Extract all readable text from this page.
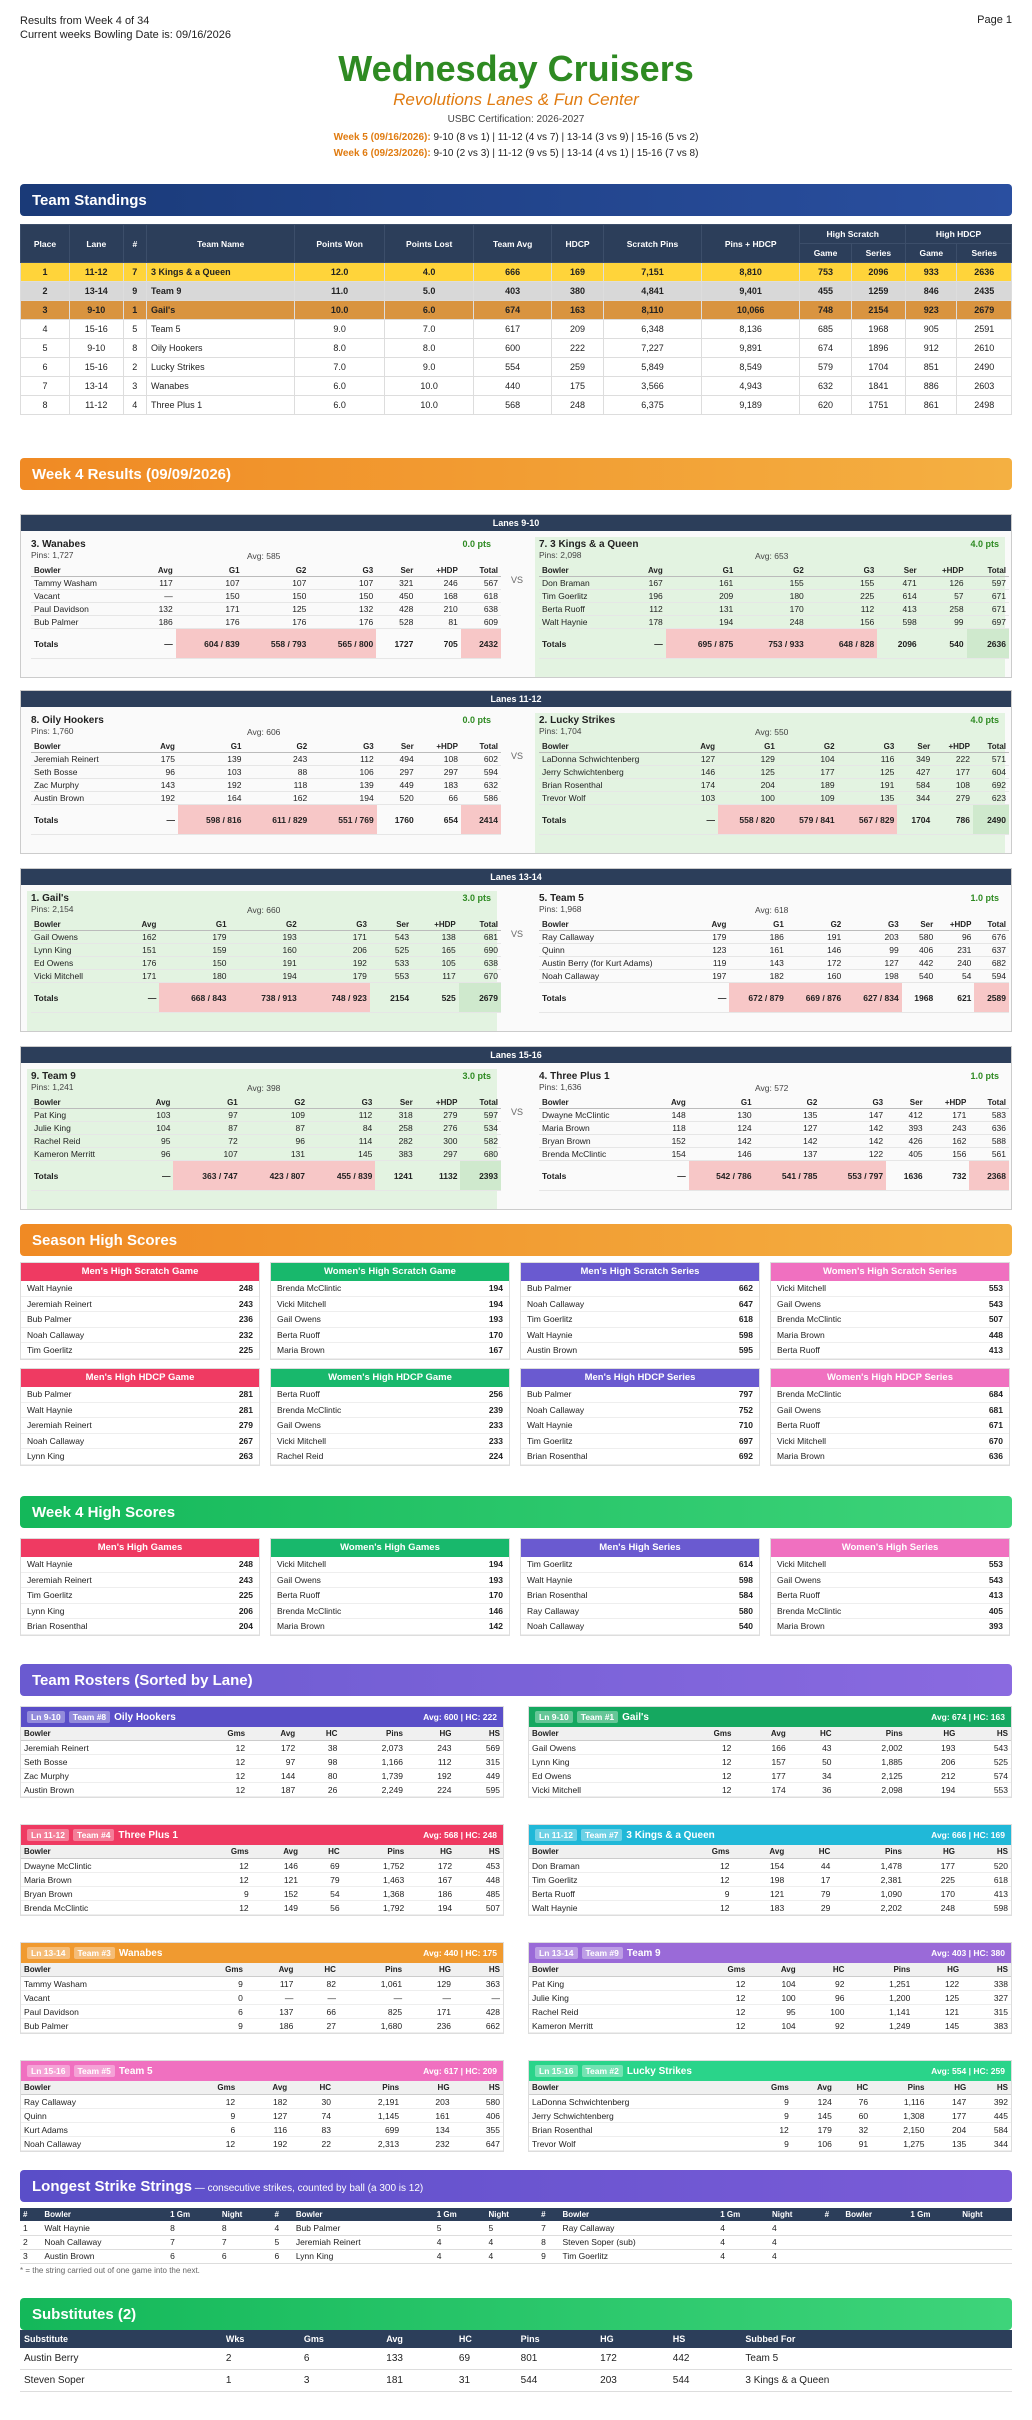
Results from Week 4 of 34
Current weeks Bowling Date is: 09/16/2026
Page 1
Wednesday Cruisers
Revolutions Lanes & Fun Center
USBC Certification: 2026-2027
Week 5 (09/16/2026): 9-10 (8 vs 1) | 11-12 (4 vs 7) | 13-14 (3 vs 9) | 15-16 (5 vs 2)
Week 6 (09/23/2026): 9-10 (2 vs 3) | 11-12 (9 vs 5) | 13-14 (4 vs 1) | 15-16 (7 vs 8)
Team Standings
Place	Lane	#	Team Name	Points Won	Points Lost	Team Avg	HDCP	Scratch Pins	Pins + HDCP	High Scratch		High HDCP	
										Game	Series	Game	Series
1	11-12	7	3 Kings & a Queen	12.0	4.0	666	169	7,151	8,810	753	2096	933	2636
2	13-14	9	Team 9	11.0	5.0	403	380	4,841	9,401	455	1259	846	2435
3	9-10	1	Gail's	10.0	6.0	674	163	8,110	10,066	748	2154	923	2679
4	15-16	5	Team 5	9.0	7.0	617	209	6,348	8,136	685	1968	905	2591
5	9-10	8	Oily Hookers	8.0	8.0	600	222	7,227	9,891	674	1896	912	2610
6	15-16	2	Lucky Strikes	7.0	9.0	554	259	5,849	8,549	579	1704	851	2490
7	13-14	3	Wanabes	6.0	10.0	440	175	3,566	4,943	632	1841	886	2603
8	11-12	4	Three Plus 1	6.0	10.0	568	248	6,375	9,189	620	1751	861	2498
Week 4 Results (09/09/2026)
Lanes 9-10
3. Wanabes
Pins: 1,727	Avg: 585
0.0 pts
Bowler	Avg	G1	G2	G3	Ser	+HDP	Total
Tammy Washam	117	107	107	107	321	246	567
Vacant	—	150	150	150	450	168	618
Paul Davidson	132	171	125	132	428	210	638
Bub Palmer	186	176	176	176	528	81	609
Totals	—	604 / 839	558 / 793	565 / 800	1727	705	2432
VS
7. 3 Kings & a Queen
Pins: 2,098	Avg: 653
4.0 pts
Bowler	Avg	G1	G2	G3	Ser	+HDP	Total
Don Braman	167	161	155	155	471	126	597
Tim Goerlitz	196	209	180	225	614	57	671
Berta Ruoff	112	131	170	112	413	258	671
Walt Haynie	178	194	248	156	598	99	697
Totals	—	695 / 875	753 / 933	648 / 828	2096	540	2636
Lanes 11-12
8. Oily Hookers
Pins: 1,760	Avg: 606
0.0 pts
Bowler	Avg	G1	G2	G3	Ser	+HDP	Total
Jeremiah Reinert	175	139	243	112	494	108	602
Seth Bosse	96	103	88	106	297	297	594
Zac Murphy	143	192	118	139	449	183	632
Austin Brown	192	164	162	194	520	66	586
Totals	—	598 / 816	611 / 829	551 / 769	1760	654	2414
VS
2. Lucky Strikes
Pins: 1,704	Avg: 550
4.0 pts
Bowler	Avg	G1	G2	G3	Ser	+HDP	Total
LaDonna Schwichtenberg	127	129	104	116	349	222	571
Jerry Schwichtenberg	146	125	177	125	427	177	604
Brian Rosenthal	174	204	189	191	584	108	692
Trevor Wolf	103	100	109	135	344	279	623
Totals	—	558 / 820	579 / 841	567 / 829	1704	786	2490
Lanes 13-14
1. Gail's
Pins: 2,154	Avg: 660
3.0 pts
Bowler	Avg	G1	G2	G3	Ser	+HDP	Total
Gail Owens	162	179	193	171	543	138	681
Lynn King	151	159	160	206	525	165	690
Ed Owens	176	150	191	192	533	105	638
Vicki Mitchell	171	180	194	179	553	117	670
Totals	—	668 / 843	738 / 913	748 / 923	2154	525	2679
VS
5. Team 5
Pins: 1,968	Avg: 618
1.0 pts
Bowler	Avg	G1	G2	G3	Ser	+HDP	Total
Ray Callaway	179	186	191	203	580	96	676
Quinn	123	161	146	99	406	231	637
Austin Berry (for Kurt Adams)	119	143	172	127	442	240	682
Noah Callaway	197	182	160	198	540	54	594
Totals	—	672 / 879	669 / 876	627 / 834	1968	621	2589
Lanes 15-16
9. Team 9
Pins: 1,241	Avg: 398
3.0 pts
Bowler	Avg	G1	G2	G3	Ser	+HDP	Total
Pat King	103	97	109	112	318	279	597
Julie King	104	87	87	84	258	276	534
Rachel Reid	95	72	96	114	282	300	582
Kameron Merritt	96	107	131	145	383	297	680
Totals	—	363 / 747	423 / 807	455 / 839	1241	1132	2393
VS
4. Three Plus 1
Pins: 1,636	Avg: 572
1.0 pts
Bowler	Avg	G1	G2	G3	Ser	+HDP	Total
Dwayne McClintic	148	130	135	147	412	171	583
Maria Brown	118	124	127	142	393	243	636
Bryan Brown	152	142	142	142	426	162	588
Brenda McClintic	154	146	137	122	405	156	561
Totals	—	542 / 786	541 / 785	553 / 797	1636	732	2368
Season High Scores
Men's High Scratch Game
Walt Haynie	248
Jeremiah Reinert	243
Bub Palmer	236
Noah Callaway	232
Tim Goerlitz	225
Women's High Scratch Game
Brenda McClintic	194
Vicki Mitchell	194
Gail Owens	193
Berta Ruoff	170
Maria Brown	167
Men's High Scratch Series
Bub Palmer	662
Noah Callaway	647
Tim Goerlitz	618
Walt Haynie	598
Austin Brown	595
Women's High Scratch Series
Vicki Mitchell	553
Gail Owens	543
Brenda McClintic	507
Maria Brown	448
Berta Ruoff	413
Men's High HDCP Game
Bub Palmer	281
Walt Haynie	281
Jeremiah Reinert	279
Noah Callaway	267
Lynn King	263
Women's High HDCP Game
Berta Ruoff	256
Brenda McClintic	239
Gail Owens	233
Vicki Mitchell	233
Rachel Reid	224
Men's High HDCP Series
Bub Palmer	797
Noah Callaway	752
Walt Haynie	710
Tim Goerlitz	697
Brian Rosenthal	692
Women's High HDCP Series
Brenda McClintic	684
Gail Owens	681
Berta Ruoff	671
Vicki Mitchell	670
Maria Brown	636
Week 4 High Scores
Men's High Games
Walt Haynie	248
Jeremiah Reinert	243
Tim Goerlitz	225
Lynn King	206
Brian Rosenthal	204
Women's High Games
Vicki Mitchell	194
Gail Owens	193
Berta Ruoff	170
Brenda McClintic	146
Maria Brown	142
Men's High Series
Tim Goerlitz	614
Walt Haynie	598
Brian Rosenthal	584
Ray Callaway	580
Noah Callaway	540
Women's High Series
Vicki Mitchell	553
Gail Owens	543
Berta Ruoff	413
Brenda McClintic	405
Maria Brown	393
Team Rosters (Sorted by Lane)
Ln 9-10 Team #8 Oily Hookers	Avg: 600 | HC: 222
Bowler	Gms	Avg	HC	Pins	HG	HS
Jeremiah Reinert	12	172	38	2,073	243	569
Seth Bosse	12	97	98	1,166	112	315
Zac Murphy	12	144	80	1,739	192	449
Austin Brown	12	187	26	2,249	224	595
Ln 9-10 Team #1 Gail's	Avg: 674 | HC: 163
Bowler	Gms	Avg	HC	Pins	HG	HS
Gail Owens	12	166	43	2,002	193	543
Lynn King	12	157	50	1,885	206	525
Ed Owens	12	177	34	2,125	212	574
Vicki Mitchell	12	174	36	2,098	194	553
Ln 11-12 Team #4 Three Plus 1	Avg: 568 | HC: 248
Bowler	Gms	Avg	HC	Pins	HG	HS
Dwayne McClintic	12	146	69	1,752	172	453
Maria Brown	12	121	79	1,463	167	448
Bryan Brown	9	152	54	1,368	186	485
Brenda McClintic	12	149	56	1,792	194	507
Ln 11-12 Team #7 3 Kings & a Queen	Avg: 666 | HC: 169
Bowler	Gms	Avg	HC	Pins	HG	HS
Don Braman	12	154	44	1,478	177	520
Tim Goerlitz	12	198	17	2,381	225	618
Berta Ruoff	9	121	79	1,090	170	413
Walt Haynie	12	183	29	2,202	248	598
Ln 13-14 Team #3 Wanabes	Avg: 440 | HC: 175
Bowler	Gms	Avg	HC	Pins	HG	HS
Tammy Washam	9	117	82	1,061	129	363
Vacant	0	—	—	—	—	—
Paul Davidson	6	137	66	825	171	428
Bub Palmer	9	186	27	1,680	236	662
Ln 13-14 Team #9 Team 9	Avg: 403 | HC: 380
Bowler	Gms	Avg	HC	Pins	HG	HS
Pat King	12	104	92	1,251	122	338
Julie King	12	100	96	1,200	125	327
Rachel Reid	12	95	100	1,141	121	315
Kameron Merritt	12	104	92	1,249	145	383
Ln 15-16 Team #5 Team 5	Avg: 617 | HC: 209
Bowler	Gms	Avg	HC	Pins	HG	HS
Ray Callaway	12	182	30	2,191	203	580
Quinn	9	127	74	1,145	161	406
Kurt Adams	6	116	83	699	134	355
Noah Callaway	12	192	22	2,313	232	647
Ln 15-16 Team #2 Lucky Strikes	Avg: 554 | HC: 259
Bowler	Gms	Avg	HC	Pins	HG	HS
LaDonna Schwichtenberg	9	124	76	1,116	147	392
Jerry Schwichtenberg	9	145	60	1,308	177	445
Brian Rosenthal	12	179	32	2,150	204	584
Trevor Wolf	9	106	91	1,275	135	344
Longest Strike Strings — consecutive strikes, counted by ball (a 300 is 12)
#	Bowler	1 Gm	Night	#	Bowler	1 Gm	Night	#	Bowler	1 Gm	Night	#	Bowler	1 Gm	Night
1	Walt Haynie	8	8	4	Bub Palmer	5	5	7	Ray Callaway	4	4				
2	Noah Callaway	7	7	5	Jeremiah Reinert	4	4	8	Steven Soper (sub)	4	4				
3	Austin Brown	6	6	6	Lynn King	4	4	9	Tim Goerlitz	4	4				
* = the string carried out of one game into the next.
Substitutes (2)
Substitute	Wks	Gms	Avg	HC	Pins	HG	HS	Subbed For
Austin Berry	2	6	133	69	801	172	442	Team 5
Steven Soper	1	3	181	31	544	203	544	3 Kings & a Queen
